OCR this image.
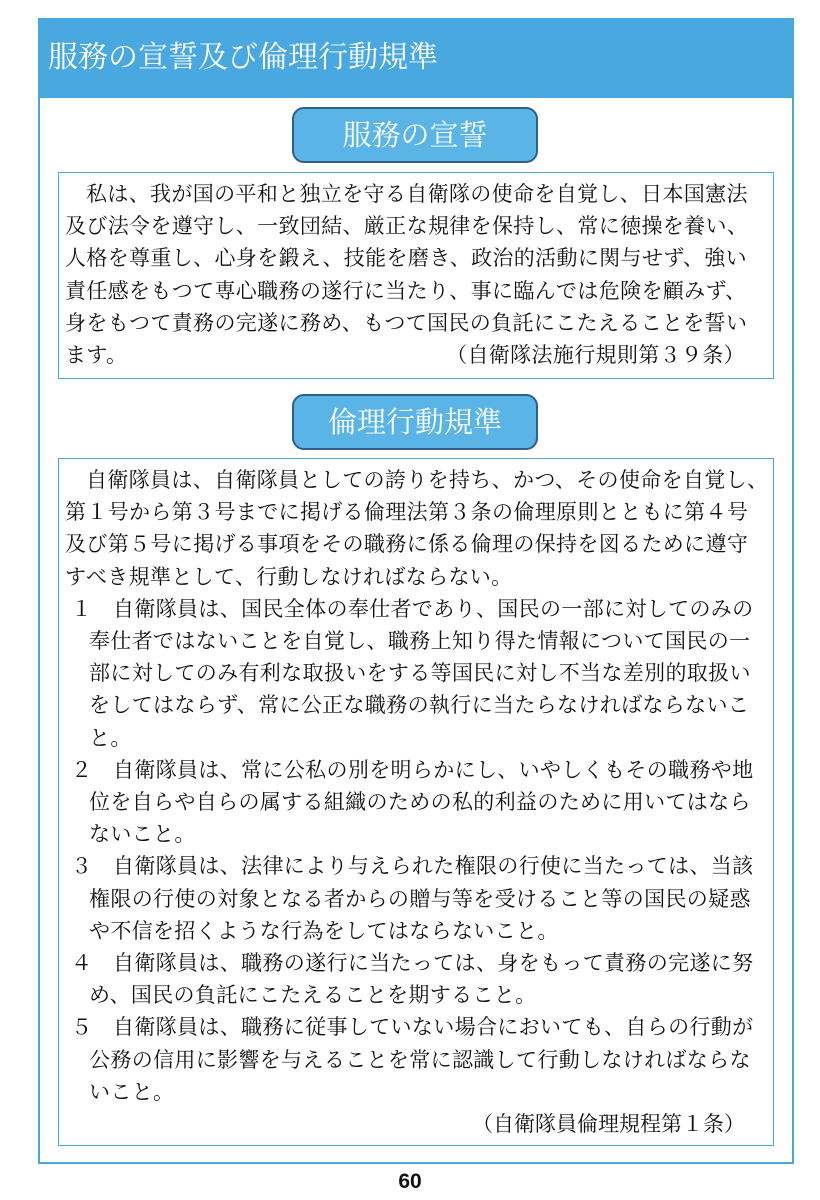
服務の宣誓及び倫理行動規準
服務の宣誓
私は、我が国の平和と独立を守る自衛隊の使命を自覚し、日本国憲法
及び法令を遵守し、一致団結、厳正な規律を保持し、常に徳操を養い、
人格を尊重し、心身を鍛え、技能を磨き、政治的活動に関与せず、強い
責任感をもつて専心職務の遂行に当たり、事に臨んでは危険を顧みず、
身をもつて責務の完遂に務め、もつて国民の負託にこたえることを誓い
ます。	（自衛隊法施行規則第３９条）
倫理行動規準
自衛隊員は、自衛隊員としての誇りを持ち、かつ、その使命を自覚し、
第１号から第３号までに掲げる倫理法第３条の倫理原則とともに第４号
及び第５号に掲げる事項をその職務に係る倫理の保持を図るために遵守
すべき規準として、行動しなければならない。
１ 自衛隊員は、国民全体の奉仕者であり、国民の一部に対してのみの
奉仕者ではないことを自覚し、職務上知り得た情報について国民の一
部に対してのみ有利な取扱いをする等国民に対し不当な差別的取扱い
をしてはならず、常に公正な職務の執行に当たらなければならないこ
と。
２ 自衛隊員は、常に公私の別を明らかにし、いやしくもその職務や地
位を自らや自らの属する組織のための私的利益のために用いてはなら
ないこと。
３ 自衛隊員は、法律により与えられた権限の行使に当たっては、当該
権限の行使の対象となる者からの贈与等を受けること等の国民の疑惑
や不信を招くような行為をしてはならないこと。
４ 自衛隊員は、職務の遂行に当たっては、身をもって責務の完遂に努
め、国民の負託にこたえることを期すること。
５ 自衛隊員は、職務に従事していない場合においても、自らの行動が
公務の信用に影響を与えることを常に認識して行動しなければならな
いこと。
（自衛隊員倫理規程第１条）
60
